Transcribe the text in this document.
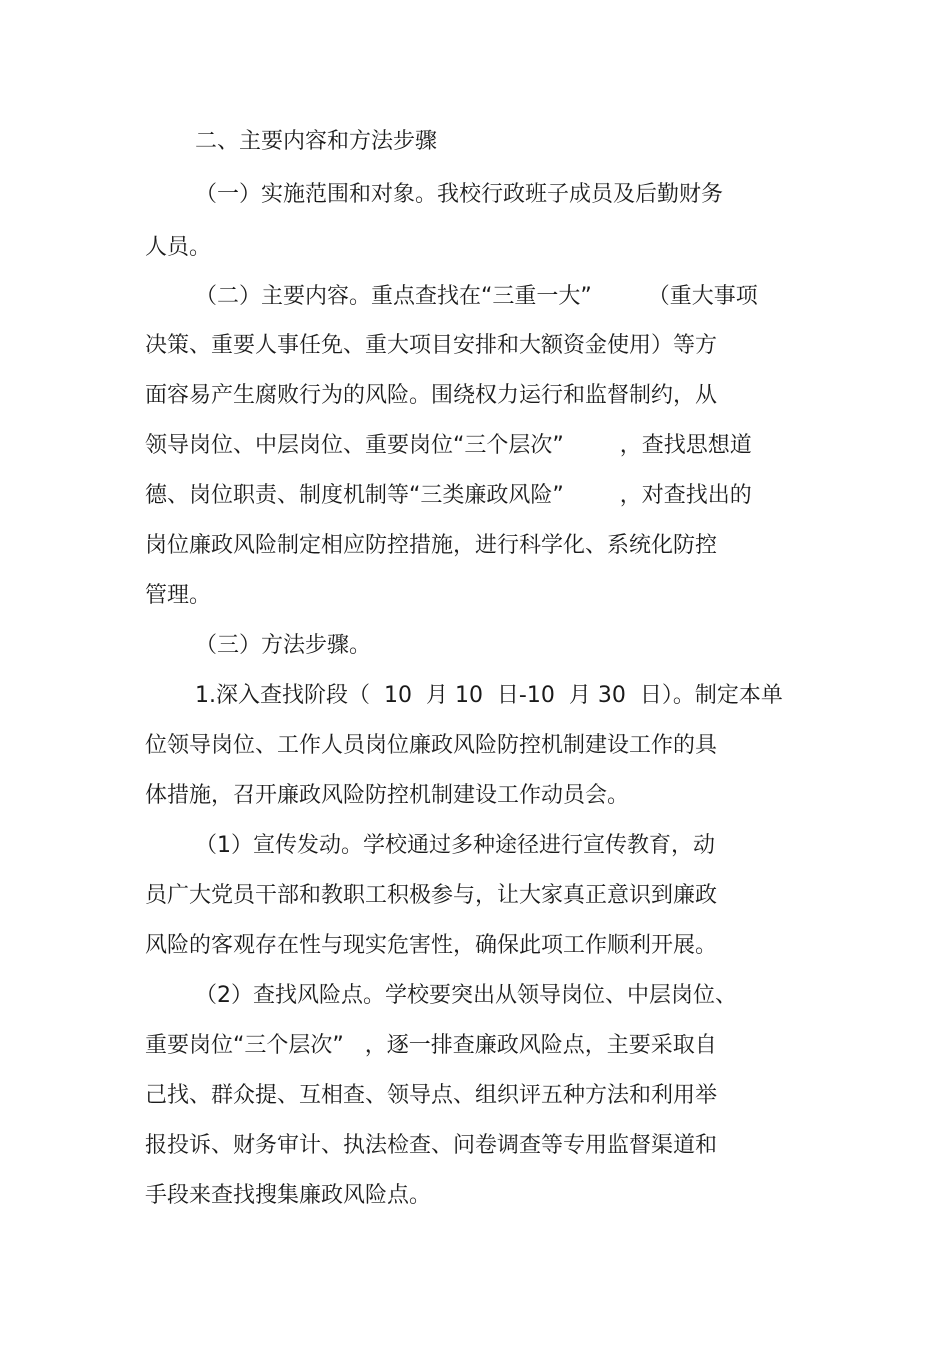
二、主要内容和方法步骤
（一）实施范围和对象。我校行政班子成员及后勤财务
人员。
（二）主要内容。重点查找在“三重一大”        （重大事项
决策、重要人事任免、重大项目安排和大额资金使用）等方
面容易产生腐败行为的风险。围绕权力运行和监督制约，从
领导岗位、中层岗位、重要岗位“三个层次”        ，查找思想道
德、岗位职责、制度机制等“三类廉政风险”        ，对查找出的
岗位廉政风险制定相应防控措施，进行科学化、系统化防控
管理。
（三）方法步骤。
1.深入查找阶段（  10  月 10  日-10  月 30  日）。制定本单
位领导岗位、工作人员岗位廉政风险防控机制建设工作的具
体措施，召开廉政风险防控机制建设工作动员会。
（1）宣传发动。学校通过多种途径进行宣传教育，动
员广大党员干部和教职工积极参与，让大家真正意识到廉政
风险的客观存在性与现实危害性，确保此项工作顺利开展。
（2）查找风险点。学校要突出从领导岗位、中层岗位、
重要岗位“三个层次”   ，逐一排查廉政风险点，主要采取自
己找、群众提、互相查、领导点、组织评五种方法和利用举
报投诉、财务审计、执法检查、问卷调查等专用监督渠道和
手段来查找搜集廉政风险点。
